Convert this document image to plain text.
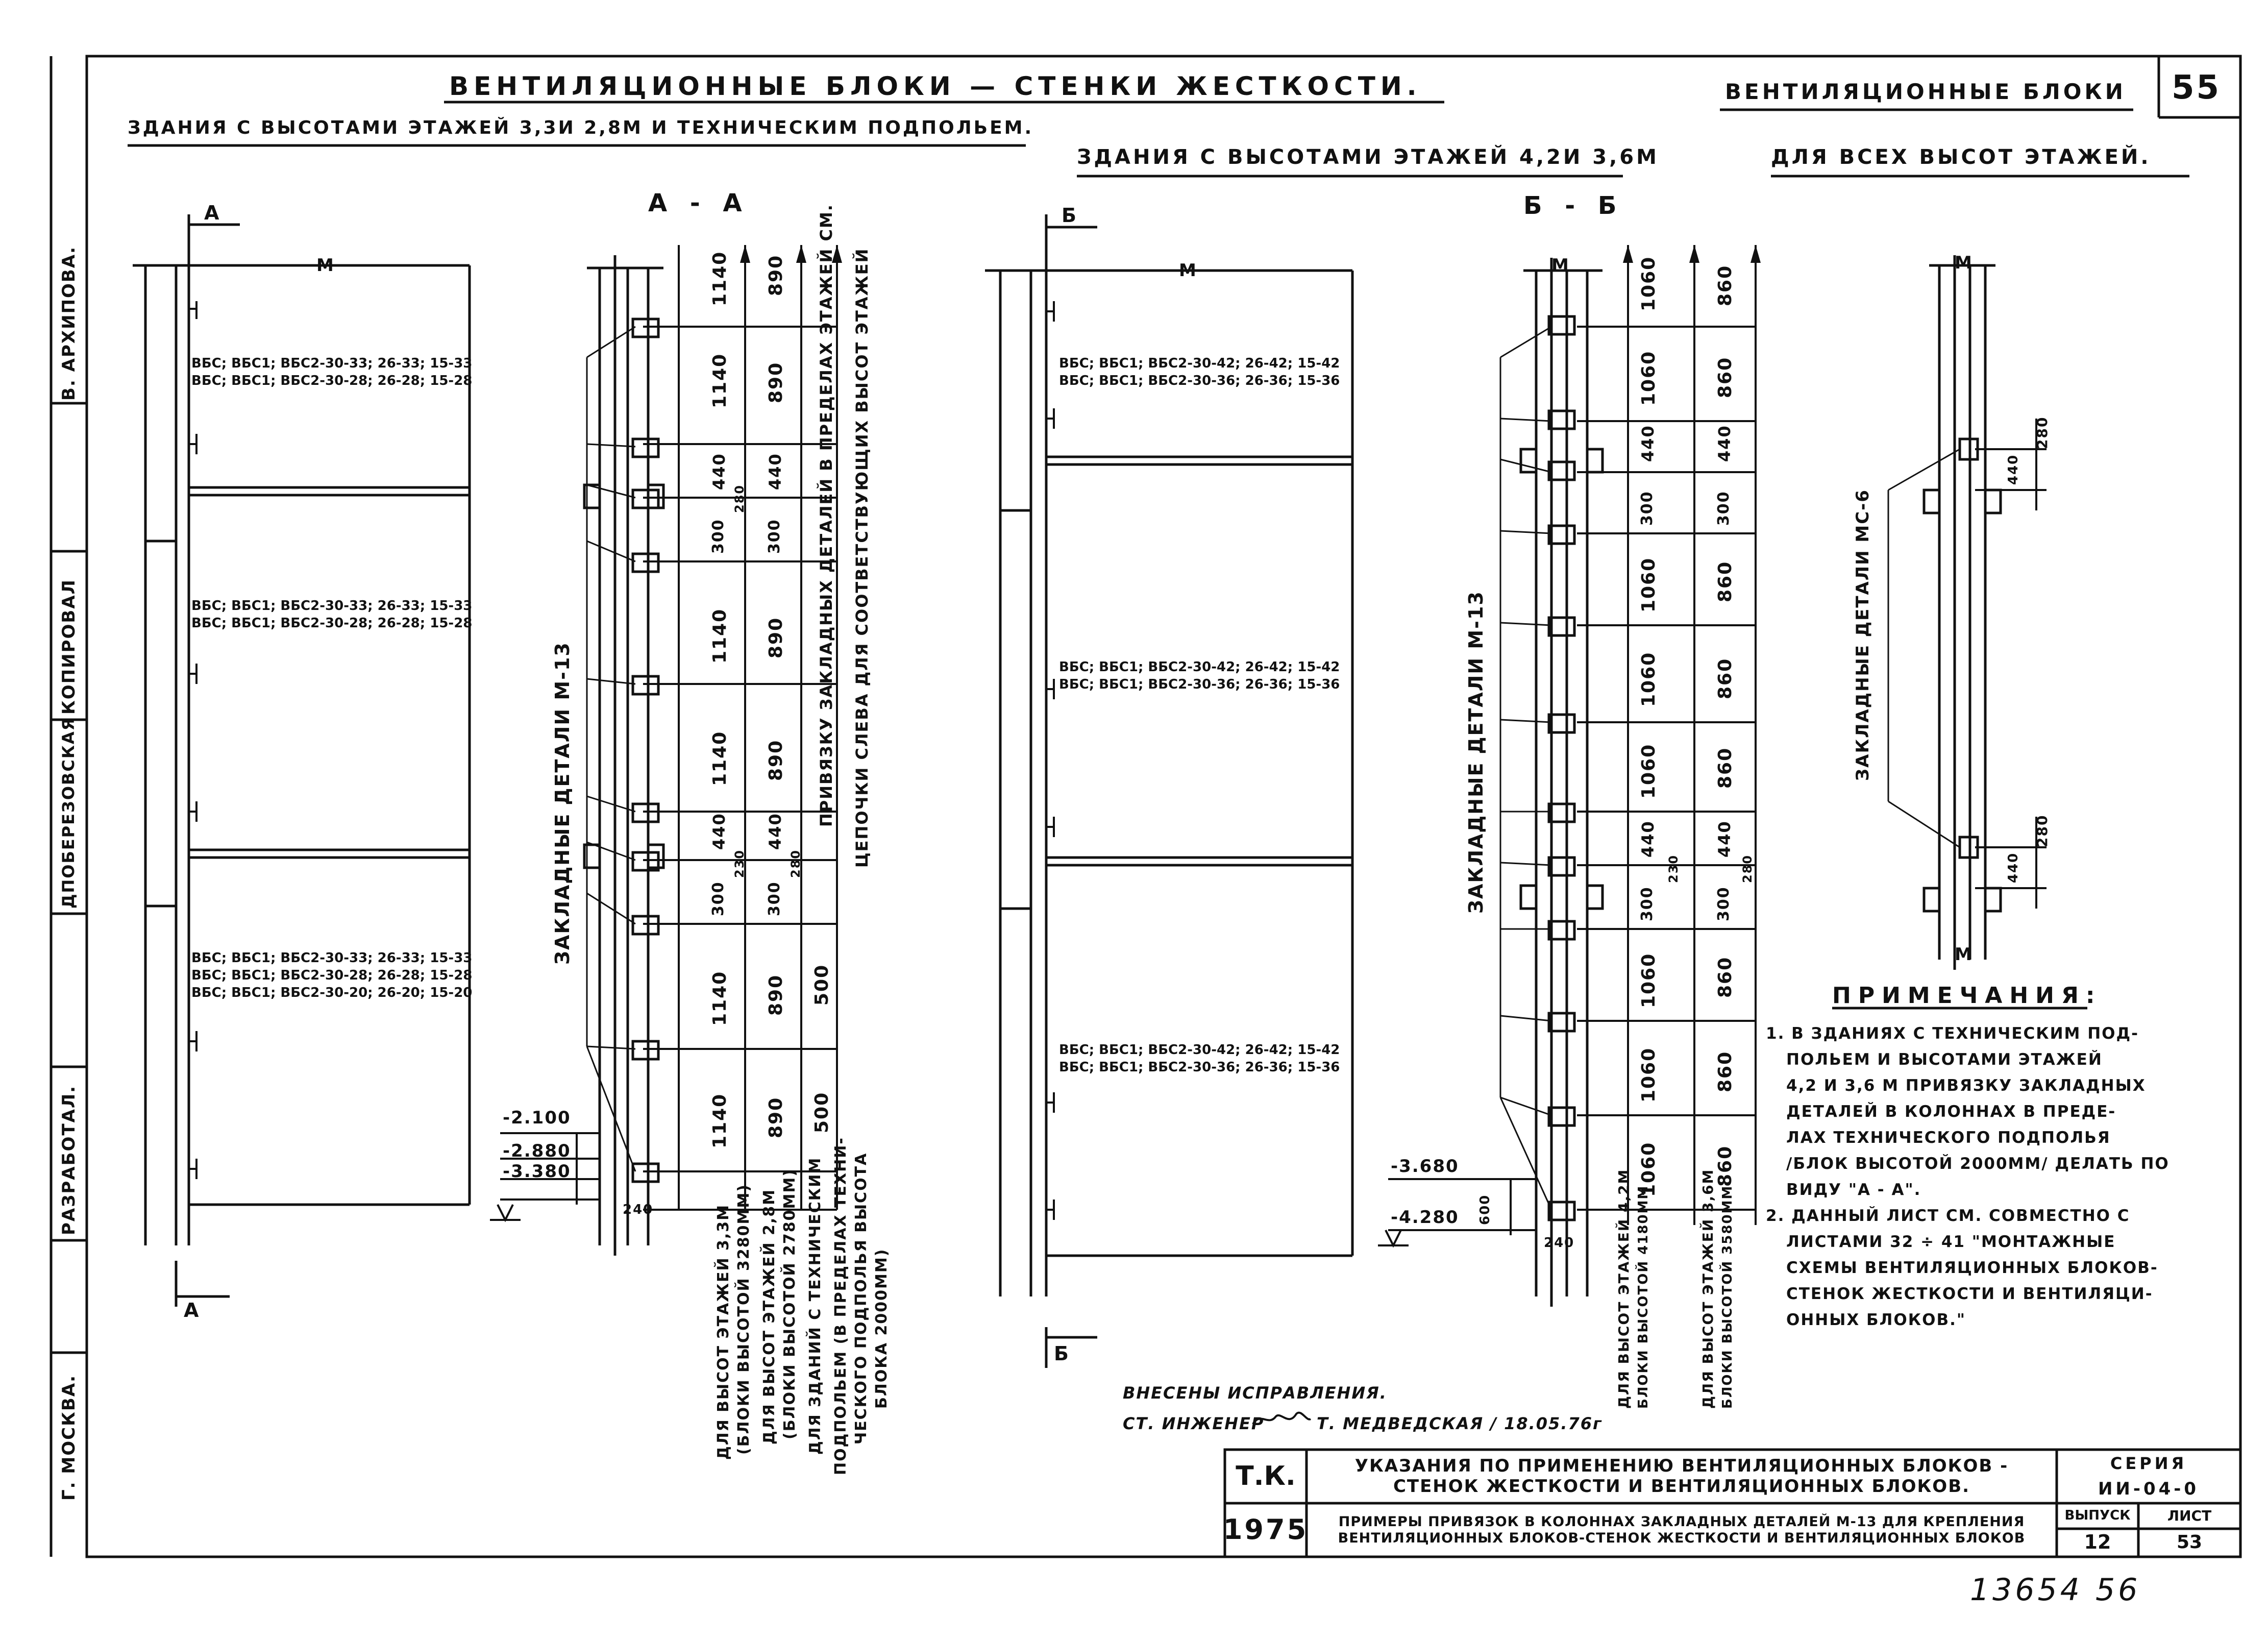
ВЕНТИЛЯЦИОННЫЕ БЛОКИ — СТЕНКИ ЖЕСТКОСТИ.	ВЕНТИЛЯЦИОННЫЕ БЛОКИ 55
ЗДАНИЯ С ВЫСОТАМИ ЭТАЖЕЙ 3,3И 2,8М И ТЕХНИЧЕСКИМ ПОДПОЛЬЕМ.
ЗДАНИЯ С ВЫСОТАМИ ЭТАЖЕЙ 4,2И 3,6М	ДЛЯ ВСЕХ ВЫСОТ ЭТАЖЕЙ.
А - А	Б - Б
А
А
Б
Б
М	М	М	М
М
РАЗРАБОТАЛ.
ДПОБЕРЕЗОВСКАЯ
КОПИРОВАЛ
В. АРХИПОВА.
Г. МОСКВА.
ВБС; ВБС1; ВБС2-30-33; 26-33; 15-33
ВБС; ВБС1; ВБС2-30-28; 26-28; 15-28
ВБС; ВБС1; ВБС2-30-33; 26-33; 15-33
ВБС; ВБС1; ВБС2-30-28; 26-28; 15-28
ВБС; ВБС1; ВБС2-30-33; 26-33; 15-33
ВБС; ВБС1; ВБС2-30-28; 26-28; 15-28
ВБС; ВБС1; ВБС2-30-20; 26-20; 15-20
ВБС; ВБС1; ВБС2-30-42; 26-42; 15-42
ВБС; ВБС1; ВБС2-30-36; 26-36; 15-36
ВБС; ВБС1; ВБС2-30-42; 26-42; 15-42
ВБС; ВБС1; ВБС2-30-36; 26-36; 15-36
ВБС; ВБС1; ВБС2-30-42; 26-42; 15-42
ВБС; ВБС1; ВБС2-30-36; 26-36; 15-36
ЗАКЛАДНЫЕ ДЕТАЛИ М-13	ЗАКЛАДНЫЕ ДЕТАЛИ М-13	ЗАКЛАДНЫЕ ДЕТАЛИ МС-6
1140
1140
440
300
1140
1140
440
300
1140
1140
890
890
440
300
890
890
440
300
890
890
500
500
280
230	280
ПРИВЯЗКУ ЗАКЛАДНЫХ ДЕТАЛЕЙ В ПРЕДЕЛАХ ЭТАЖЕЙ СМ. ЦЕПОЧКИ СЛЕВА ДЛЯ СООТВЕТСТВУЮЩИХ ВЫСОТ ЭТАЖЕЙ
ДЛЯ ВЫСОТ ЭТАЖЕЙ 3,3М (БЛОКИ ВЫСОТОЙ 3280ММ) ДЛЯ ВЫСОТ ЭТАЖЕЙ 2,8М (БЛОКИ ВЫСОТОЙ 2780ММ) ДЛЯ ЗДАНИЙ С ТЕХНИЧЕСКИМ ПОДПОЛЬЕМ (В ПРЕДЕЛАХ ТЕХНИ- ЧЕСКОГО ПОДПОЛЬЯ ВЫСОТА БЛОКА 2000ММ)
-2.100
-2.880
-3.380
240
1060
1060
440
300
1060
1060
1060
440
300
1060
1060
1060
860
860
440
300
860
860
860
440
300
860
860
860
230	280
ДЛЯ ВЫСОТ ЭТАЖЕЙ 4,2М БЛОКИ ВЫСОТОЙ 4180ММ	ДЛЯ ВЫСОТ ЭТАЖЕЙ 3,6М БЛОКИ ВЫСОТОЙ 3580ММ
-3.680
-4.280 600
240
280
440
280
440
ПРИМЕЧАНИЯ:
1. В ЗДАНИЯХ С ТЕХНИЧЕСКИМ ПОД-
ПОЛЬЕМ И ВЫСОТАМИ ЭТАЖЕЙ
4,2 И 3,6 М ПРИВЯЗКУ ЗАКЛАДНЫХ
ДЕТАЛЕЙ В КОЛОННАХ В ПРЕДЕ-
ЛАХ ТЕХНИЧЕСКОГО ПОДПОЛЬЯ
/БЛОК ВЫСОТОЙ 2000ММ/ ДЕЛАТЬ ПО
ВИДУ "А - А".
2. ДАННЫЙ ЛИСТ СМ. СОВМЕСТНО С
ЛИСТАМИ 32 ÷ 41 "МОНТАЖНЫЕ
СХЕМЫ ВЕНТИЛЯЦИОННЫХ БЛОКОВ-
СТЕНОК ЖЕСТКОСТИ И ВЕНТИЛЯЦИ-
ОННЫХ БЛОКОВ."
ВНЕСЕНЫ ИСПРАВЛЕНИЯ.
СТ. ИНЖЕНЕР	Т. МЕДВЕДСКАЯ / 18.05.76г
Т.К.
1975
УКАЗАНИЯ ПО ПРИМЕНЕНИЮ ВЕНТИЛЯЦИОННЫХ БЛОКОВ - СТЕНОК ЖЕСТКОСТИ И ВЕНТИЛЯЦИОННЫХ БЛОКОВ.
ПРИМЕРЫ ПРИВЯЗОК В КОЛОННАХ ЗАКЛАДНЫХ ДЕТАЛЕЙ М-13 ДЛЯ КРЕПЛЕНИЯ ВЕНТИЛЯЦИОННЫХ БЛОКОВ-СТЕНОК ЖЕСТКОСТИ И ВЕНТИЛЯЦИОННЫХ БЛОКОВ
СЕРИЯ
ИИ-04-0
ВЫПУСК
12
ЛИСТ
53
13654 56
